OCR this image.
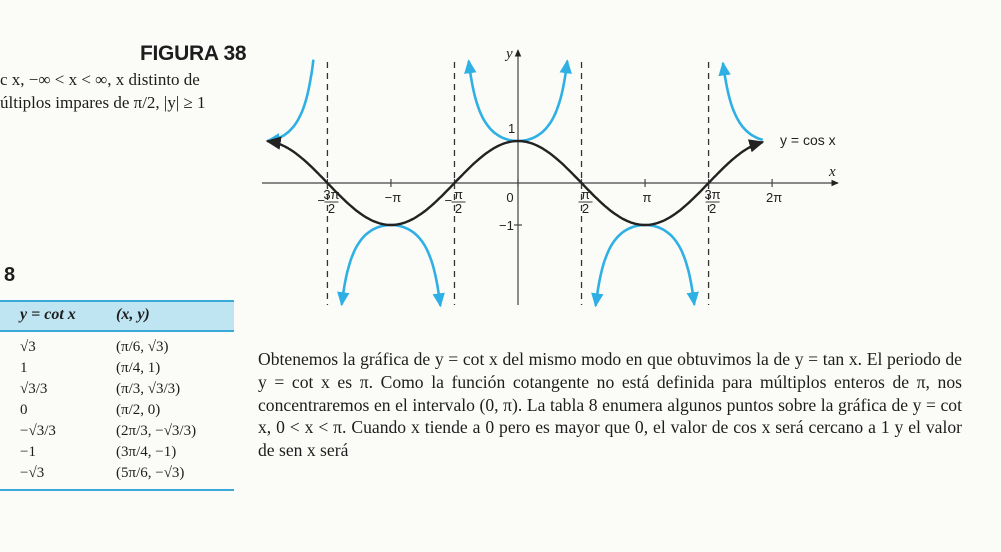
FIGURA 38
c x, −∞ < x < ∞, x distinto de
últiplos impares de π/2, |y| ≥ 1
8
y = cot x	(x, y)
√3	(π/6, √3)
1	(π/4, 1)
√3/3	(π/3, √3/3)
0	(π/2, 0)
−√3/3	(2π/3, −√3/3)
−1	(3π/4, −1)
−√3	(5π/6, −√3)
Obtenemos la gráfica de y = cot x del mismo modo en que obtuvimos la de y = tan x. El periodo de y = cot x es π. Como la función cotangente no está definida para múltiplos enteros de π, nos concentraremos en el intervalo (0, π). La tabla 8 enumera algunos puntos sobre la gráfica de y = cot x, 0 < x < π. Cuando x tiende a 0 pero es mayor que 0, el valor de cos x será cercano a 1 y el valor de sen x será
x
y
1
−1
−
3π
2
−π	− π
2
0	π
2
π	3π
2
2π
y = cos x
